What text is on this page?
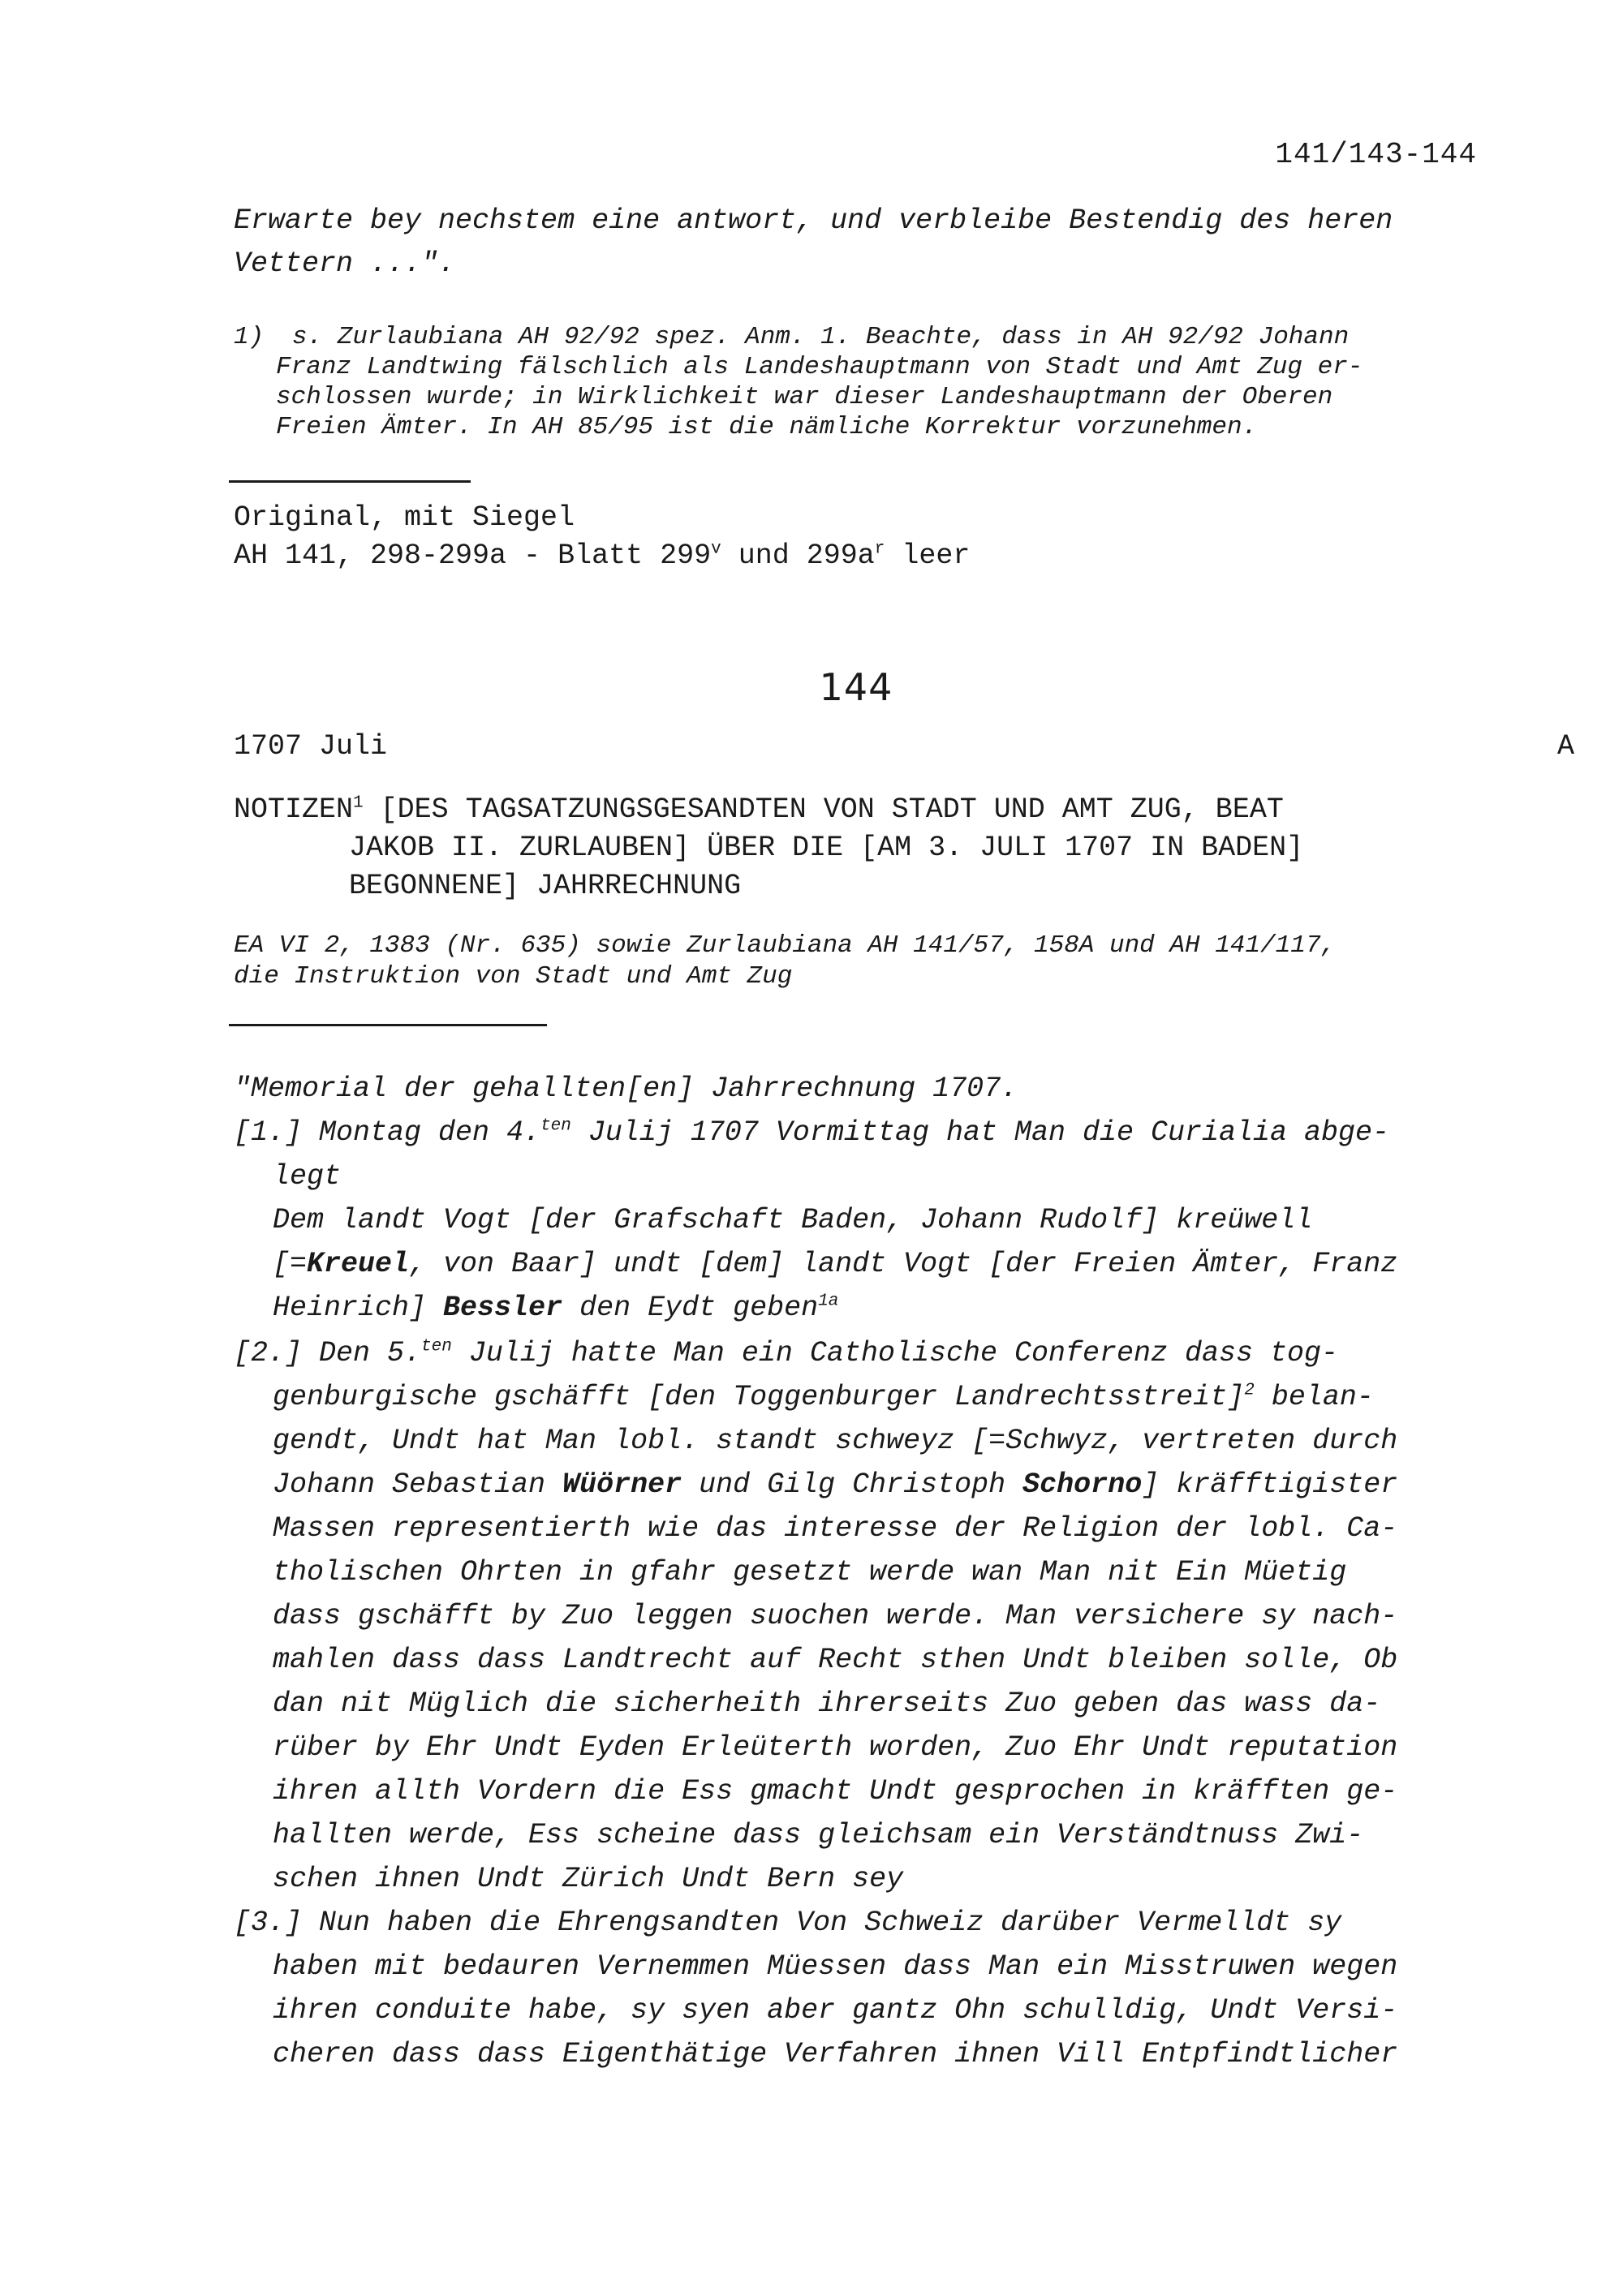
141/143-144
Erwarte bey nechstem eine antwort, und verbleibe Bestendig des heren
Vettern ...".
1) s. Zurlaubiana AH 92/92 spez. Anm. 1. Beachte, dass in AH 92/92 Johann
Franz Landtwing fälschlich als Landeshauptmann von Stadt und Amt Zug er-
schlossen wurde; in Wirklichkeit war dieser Landeshauptmann der Oberen
Freien Ämter. In AH 85/95 ist die nämliche Korrektur vorzunehmen.
Original, mit Siegel
AH 141, 298-299a - Blatt 299$^v$ und $299a^r$ leer
144
1707 Juli	A
NOTIZEN$^1$ [DES TAGSATZUNGSGESANDTEN VON STADT UND AMT ZUG, BEAT
JAKOB II. ZURLAUBEN] ÜBER DIE [AM 3. JULI 1707 IN BADEN]
BEGONNENE] JAHRRECHNUNG
EA VI 2, 1383 (Nr. 635) sowie Zurlaubiana AH 141/57, 158A und AH 141/117,
die Instruktion von Stadt und Amt Zug
"Memorial der gehallten[en] Jahrrechnung 1707.
[1.] Montag den 4.$^{ten}$ Julij 1707 Vormittag hat Man die Curialia abge-
legt
Dem landt Vogt [der Grafschaft Baden, Johann Rudolf] kreüwell
[=Kreuel, von Baar] undt [dem] landt Vogt [der Freien Ämter, Franz
Heinrich] Bessler den Eydt geben$^{1a}$
[2.] Den 5.$^{ten}$ Julij hatte Man ein Catholische Conferenz dass tog-
genburgische gschäfft [den Toggenburger Landrechtsstreit]$^2$ belan-
gendt, Undt hat Man lobl. standt schweyz [=Schwyz, vertreten durch
Johann Sebastian Wüörner und Gilg Christoph Schorno] kräfftigister
Massen representierth wie das interesse der Religion der lobl. Ca-
tholischen Ohrten in gfahr gesetzt werde wan Man nit Ein Müetig
dass gschäfft by Zuo leggen suochen werde. Man versichere sy nach-
mahlen dass dass Landtrecht auf Recht sthen Undt bleiben solle, Ob
dan nit Müglich die sicherheith ihrerseits Zuo geben das wass da-
rüber by Ehr Undt Eyden Erleüterth worden, Zuo Ehr Undt reputation
ihren allth Vordern die Ess gmacht Undt gesprochen in kräfften ge-
hallten werde, Ess scheine dass gleichsam ein Verständtnuss Zwi-
schen ihnen Undt Zürich Undt Bern sey
[3.] Nun haben die Ehrengsandten Von Schweiz darüber Vermelldt sy
haben mit bedauren Vernemmen Müessen dass Man ein Misstruwen wegen
ihren conduite habe, sy syen aber gantz Ohn schulldig, Undt Versi-
cheren dass dass Eigenthätige Verfahren ihnen Vill Entpfindtlicher
